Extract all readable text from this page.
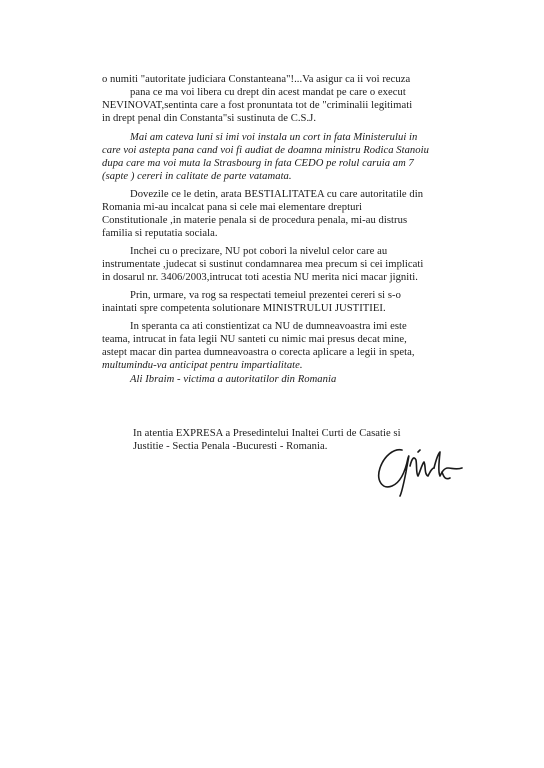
o numiti "autoritate judiciara Constanteana"!...Va asigur ca ii voi recuza
pana ce ma voi libera cu drept din acest mandat pe care o execut
NEVINOVAT,sentinta care a fost pronuntata tot de "criminalii legitimati
in drept penal din Constanta"si sustinuta de C.S.J.
Mai am cateva luni si imi voi instala un cort in fata Ministerului in
care voi astepta pana cand voi fi audiat de doamna ministru Rodica Stanoiu
dupa care ma voi muta la Strasbourg in fata CEDO pe rolul caruia am 7
(sapte ) cereri in calitate de parte vatamata.
Dovezile ce le detin, arata BESTIALITATEA cu care autoritatile din
Romania mi-au incalcat pana si cele mai elementare drepturi
Constitutionale ,in materie penala si de procedura penala, mi-au distrus
familia si reputatia sociala.
Inchei cu o precizare, NU pot cobori la nivelul celor care au
instrumentate ,judecat si sustinut condamnarea mea precum si cei implicati
in dosarul nr. 3406/2003,intrucat toti acestia NU merita nici macar jigniti.
Prin, urmare, va rog sa respectati temeiul prezentei cereri si s-o
inaintati spre competenta solutionare MINISTRULUI JUSTITIEI.
In speranta ca ati constientizat ca NU de dumneavoastra imi este
teama, intrucat in fata legii NU santeti cu nimic mai presus decat mine,
astept macar din partea dumneavoastra o corecta aplicare a legii in speta,
multumindu-va anticipat pentru impartialitate.
Ali Ibraim - victima a autoritatilor din Romania
In atentia EXPRESA a Presedintelui Inaltei Curti de Casatie si
Justitie - Sectia Penala -Bucuresti - Romania.
